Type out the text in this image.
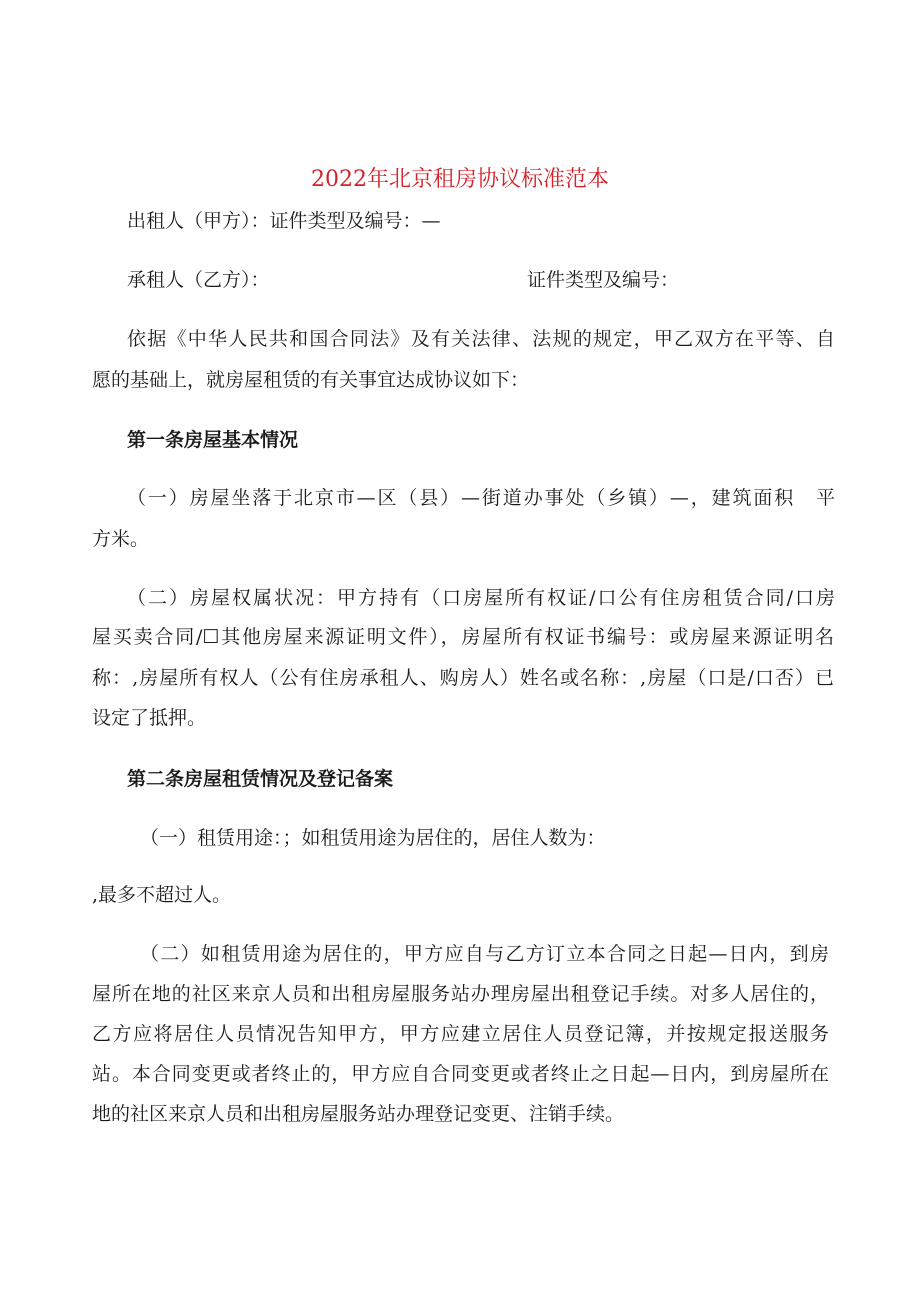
2022年北京租房协议标准范本
出租人（甲方）：证件类型及编号：—
承租人（乙方）：	证件类型及编号：
依据《中华人民共和国合同法》及有关法律、法规的规定，甲乙双方在平等、自
愿的基础上，就房屋租赁的有关事宜达成协议如下：
第一条房屋基本情况
（一）房屋坐落于北京市—区（县）—街道办事处（乡镇）—，建筑面积　平
方米。
（二）房屋权属状况：甲方持有（口房屋所有权证/口公有住房租赁合同/口房
屋买卖合同/☐其他房屋来源证明文件），房屋所有权证书编号：或房屋来源证明名
称：,房屋所有权人（公有住房承租人、购房人）姓名或名称：,房屋（口是/口否）已
设定了抵押。
第二条房屋租赁情况及登记备案
（一）租赁用途：；如租赁用途为居住的，居住人数为：
,最多不超过人。
（二）如租赁用途为居住的，甲方应自与乙方订立本合同之日起—日内，到房
屋所在地的社区来京人员和出租房屋服务站办理房屋出租登记手续。对多人居住的，
乙方应将居住人员情况告知甲方，甲方应建立居住人员登记簿，并按规定报送服务
站。本合同变更或者终止的，甲方应自合同变更或者终止之日起—日内，到房屋所在
地的社区来京人员和出租房屋服务站办理登记变更、注销手续。
